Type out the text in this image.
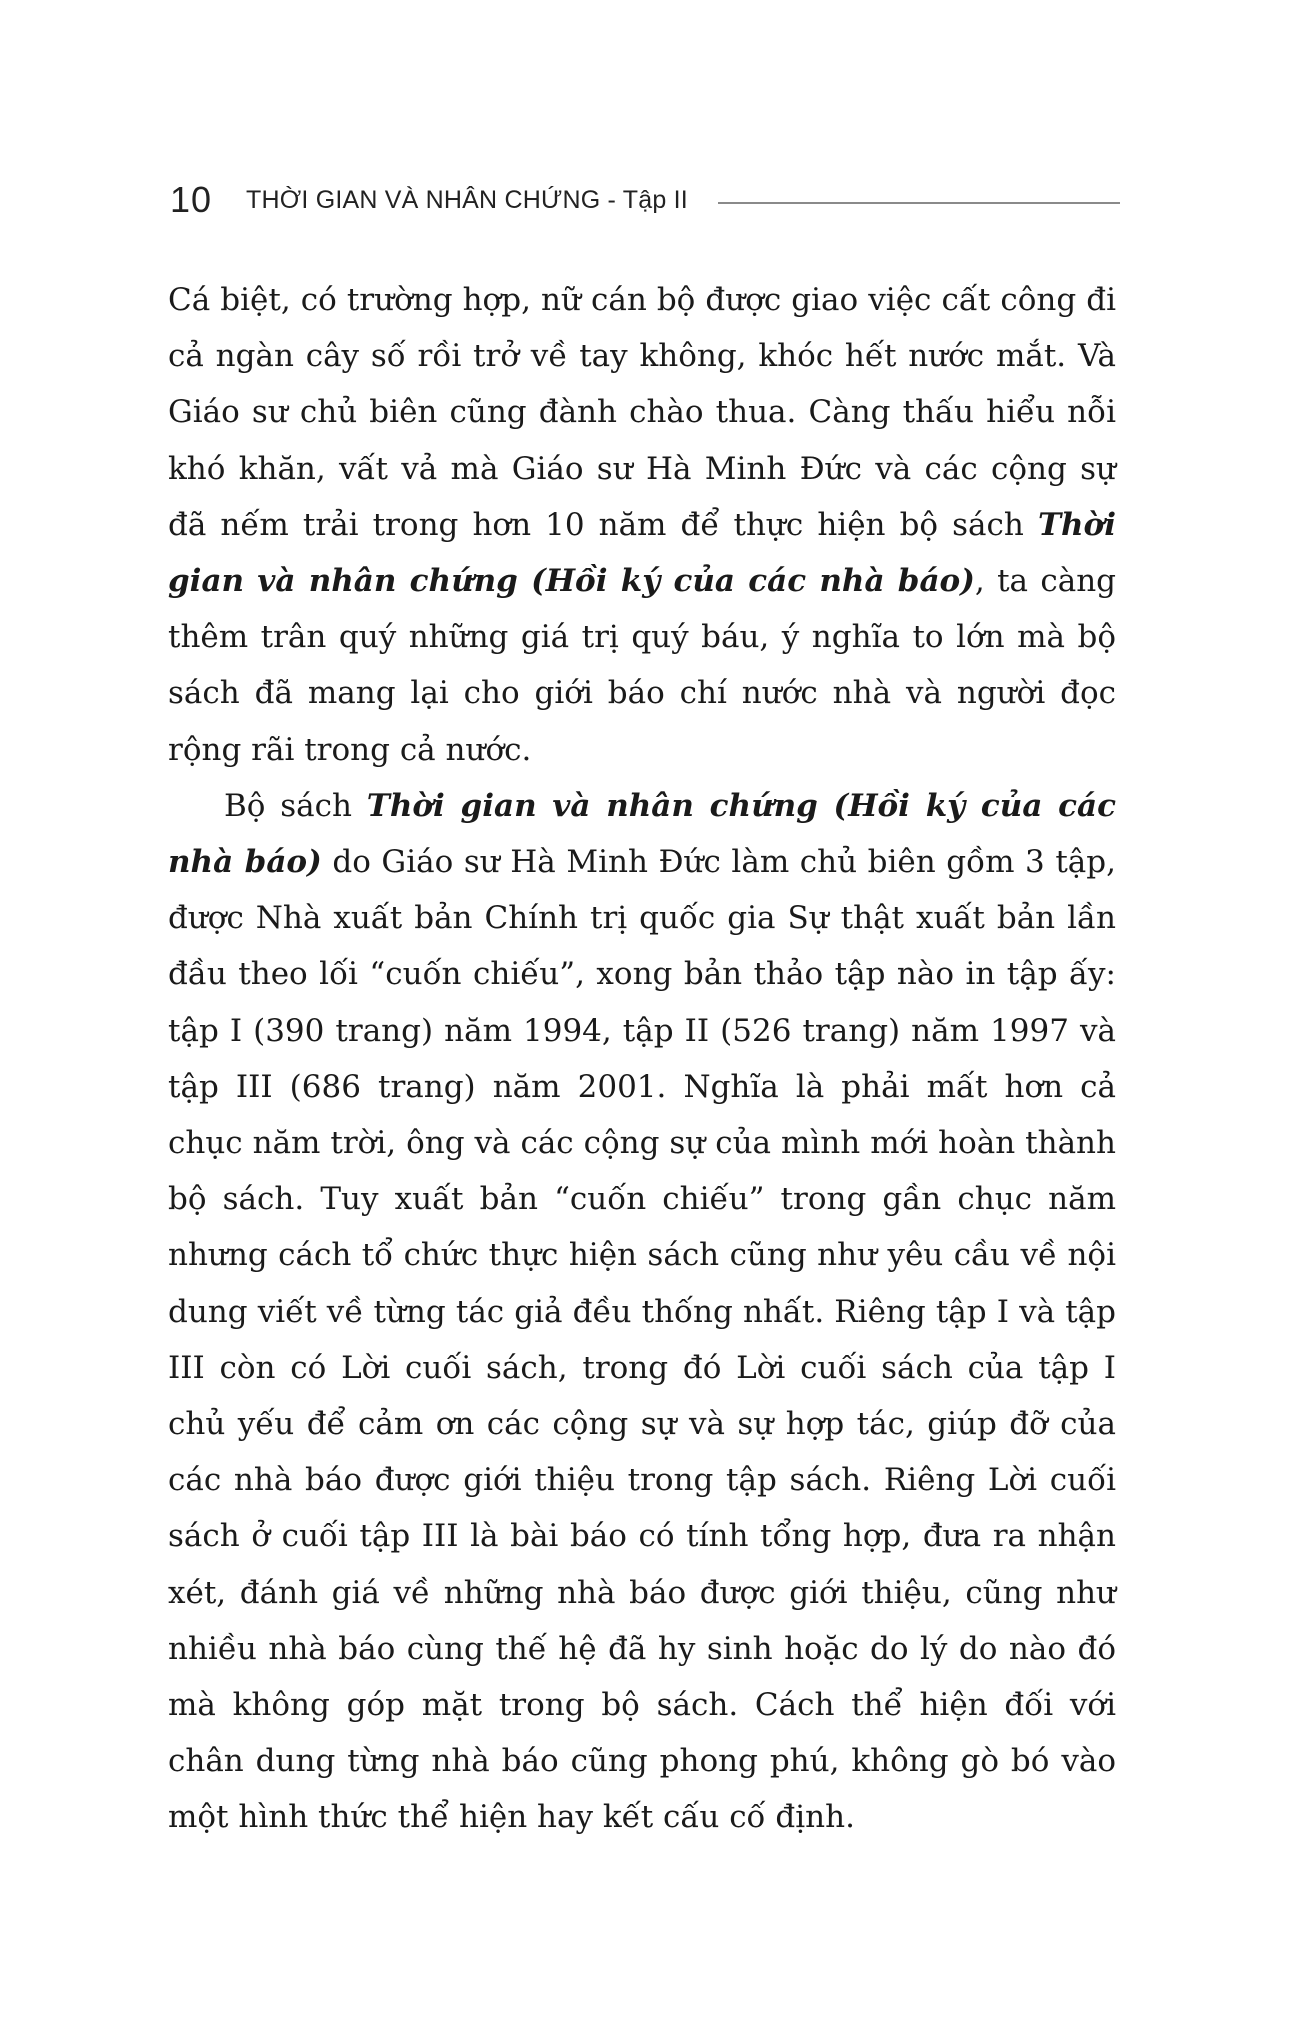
10 THỜI GIAN VÀ NHÂN CHỨNG - Tập II

Cá biệt, có trường hợp, nữ cán bộ được giao việc cất công đi cả ngàn cây số rồi trở về tay không, khóc hết nước mắt. Và Giáo sư chủ biên cũng đành chào thua. Càng thấu hiểu nỗi khó khăn, vất vả mà Giáo sư Hà Minh Đức và các cộng sự đã nếm trải trong hơn 10 năm để thực hiện bộ sách Thời gian và nhân chứng (Hồi ký của các nhà báo), ta càng thêm trân quý những giá trị quý báu, ý nghĩa to lớn mà bộ sách đã mang lại cho giới báo chí nước nhà và người đọc rộng rãi trong cả nước.

Bộ sách Thời gian và nhân chứng (Hồi ký của các nhà báo) do Giáo sư Hà Minh Đức làm chủ biên gồm 3 tập, được Nhà xuất bản Chính trị quốc gia Sự thật xuất bản lần đầu theo lối “cuốn chiếu”, xong bản thảo tập nào in tập ấy: tập I (390 trang) năm 1994, tập II (526 trang) năm 1997 và tập III (686 trang) năm 2001. Nghĩa là phải mất hơn cả chục năm trời, ông và các cộng sự của mình mới hoàn thành bộ sách. Tuy xuất bản “cuốn chiếu” trong gần chục năm nhưng cách tổ chức thực hiện sách cũng như yêu cầu về nội dung viết về từng tác giả đều thống nhất. Riêng tập I và tập III còn có Lời cuối sách, trong đó Lời cuối sách của tập I chủ yếu để cảm ơn các cộng sự và sự hợp tác, giúp đỡ của các nhà báo được giới thiệu trong tập sách. Riêng Lời cuối sách ở cuối tập III là bài báo có tính tổng hợp, đưa ra nhận xét, đánh giá về những nhà báo được giới thiệu, cũng như nhiều nhà báo cùng thế hệ đã hy sinh hoặc do lý do nào đó mà không góp mặt trong bộ sách. Cách thể hiện đối với chân dung từng nhà báo cũng phong phú, không gò bó vào một hình thức thể hiện hay kết cấu cố định.
